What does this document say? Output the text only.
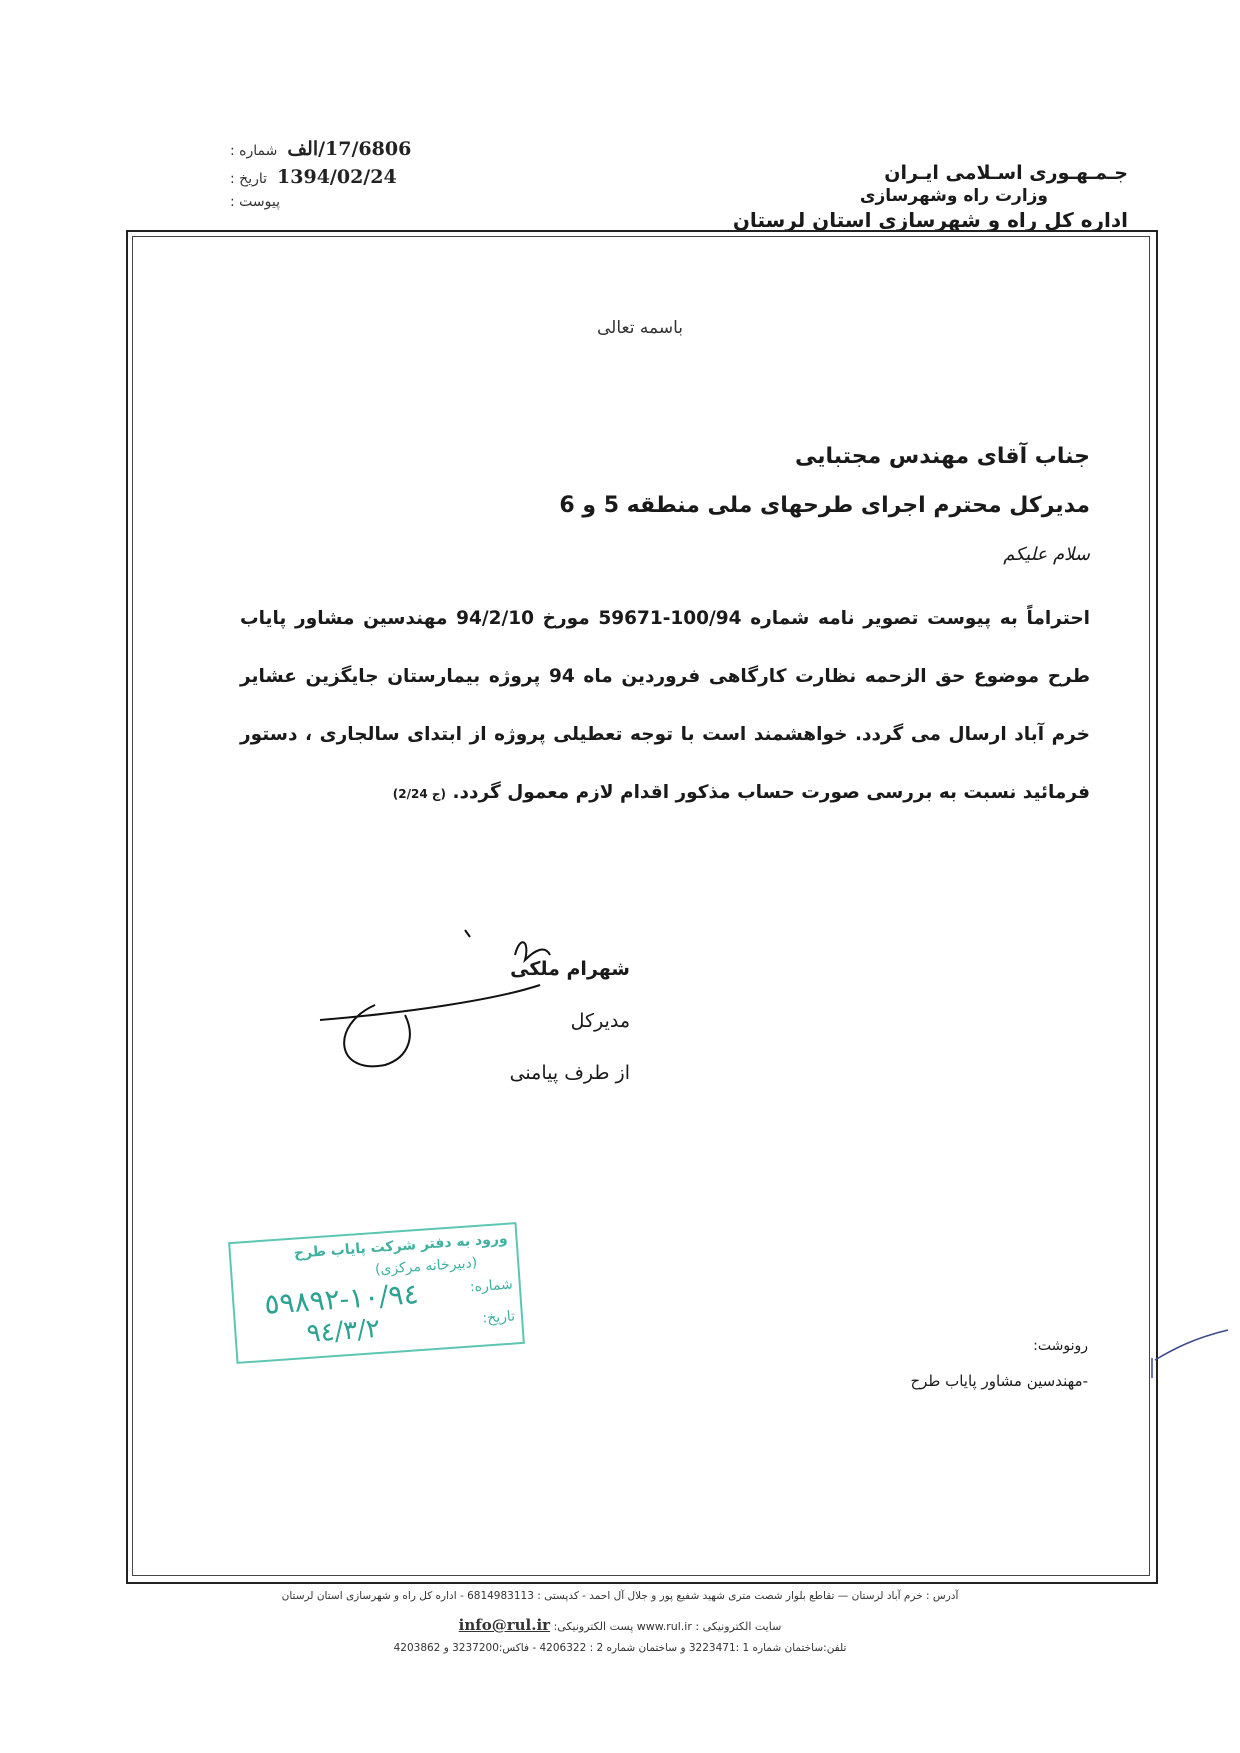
جـمـهـوری اسـلامی ایـران
وزارت راه وشهرسازی
اداره کل راه و شهرسازی استان لرستان
شماره : 17/6806/الف
تاریخ : 1394/02/24
پیوست :
باسمه تعالی
جناب آقای مهندس مجتبایی
مدیرکل محترم اجرای طرحهای ملی منطقه 5 و 6
سلام علیکم
احتراماً به پیوست تصویر نامه شماره 100/94-59671 مورخ 94/2/10 مهندسین مشاور پایاب طرح موضوع حق الزحمه نظارت کارگاهی فروردین ماه 94 پروژه بیمارستان جایگزین عشایر خرم آباد ارسال می گردد. خواهشمند است با توجه تعطیلی پروژه از ابتدای سالجاری ، دستور فرمائید نسبت به بررسی صورت حساب مذکور اقدام لازم معمول گردد. (ج 2/24)
شهرام ملکی
مدیرکل
از طرف پیامنی
ورود به دفتر شرکت پایاب طرح
(دبیرخانه مرکزی)
شماره:
تاریخ:
١٠/٩٤-٥٩٨٩٢
٩٤/٣/٢	رونوشت:
-مهندسین مشاور پایاب طرح
آدرس : خرم آباد لرستان — تقاطع بلوار شصت متری شهید شفیع پور و جلال آل احمد - کدپستی : 6814983113 - اداره کل راه و شهرسازی استان لرستان
سایت الکترونیکی : www.rul.ir پست الکترونیکی: info@rul.ir
تلفن:ساختمان شماره 1 :3223471 و ساختمان شماره 2 : 4206322 - فاکس:3237200 و 4203862
